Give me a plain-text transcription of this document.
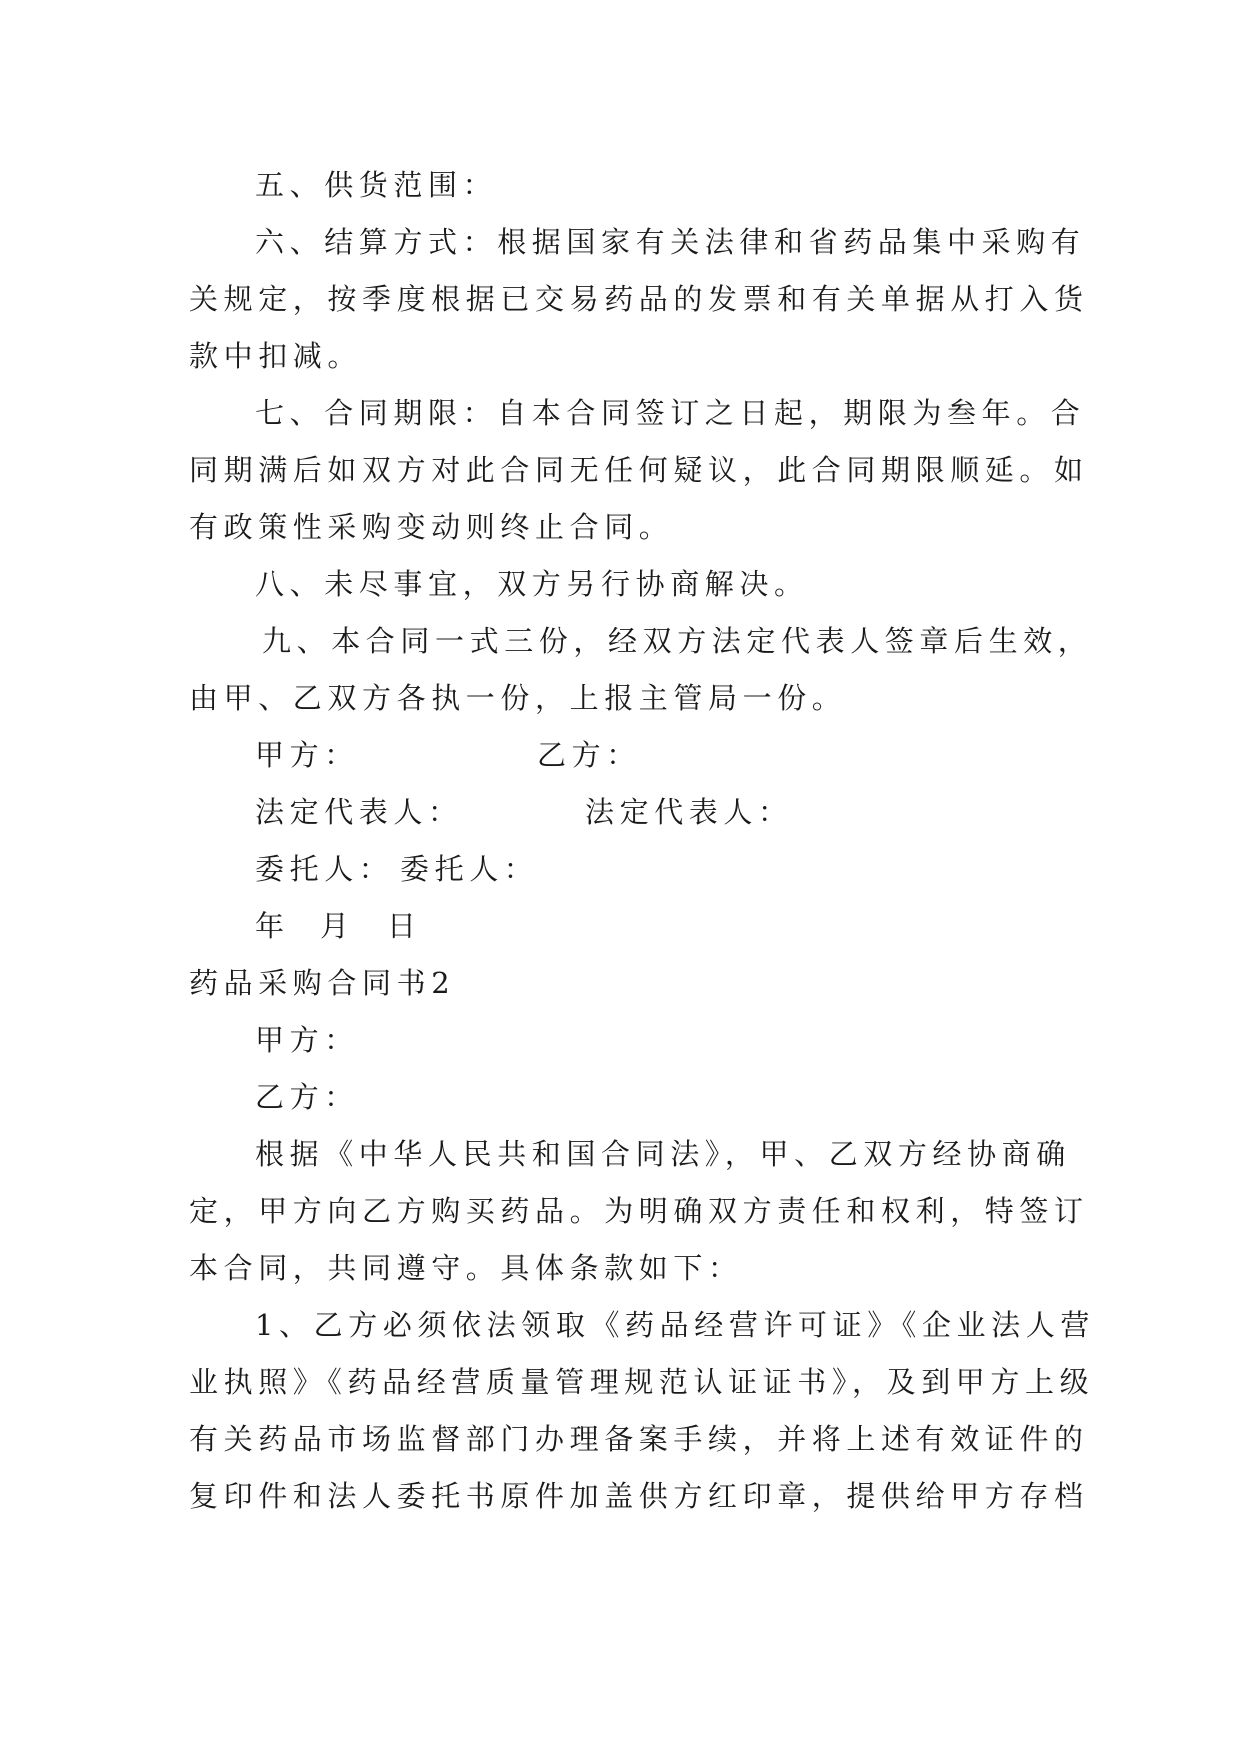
五、供货范围：
六、结算方式：根据国家有关法律和省药品集中采购有
关规定，按季度根据已交易药品的发票和有关单据从打入货
款中扣减。
七、合同期限：自本合同签订之日起，期限为叁年。合
同期满后如双方对此合同无任何疑议，此合同期限顺延。如
有政策性采购变动则终止合同。
八、未尽事宜，双方另行协商解决。
九、本合同一式三份，经双方法定代表人签章后生效，
由甲、乙双方各执一份，上报主管局一份。
甲方：	乙方：
法定代表人：	法定代表人：
委托人： 委托人：
年 月 日
药品采购合同书2
甲方：
乙方：
根据《中华人民共和国合同法》，甲、乙双方经协商确
定，甲方向乙方购买药品。为明确双方责任和权利，特签订
本合同，共同遵守。具体条款如下：
1、乙方必须依法领取《药品经营许可证》《企业法人营
业执照》《药品经营质量管理规范认证证书》，及到甲方上级
有关药品市场监督部门办理备案手续，并将上述有效证件的
复印件和法人委托书原件加盖供方红印章，提供给甲方存档
